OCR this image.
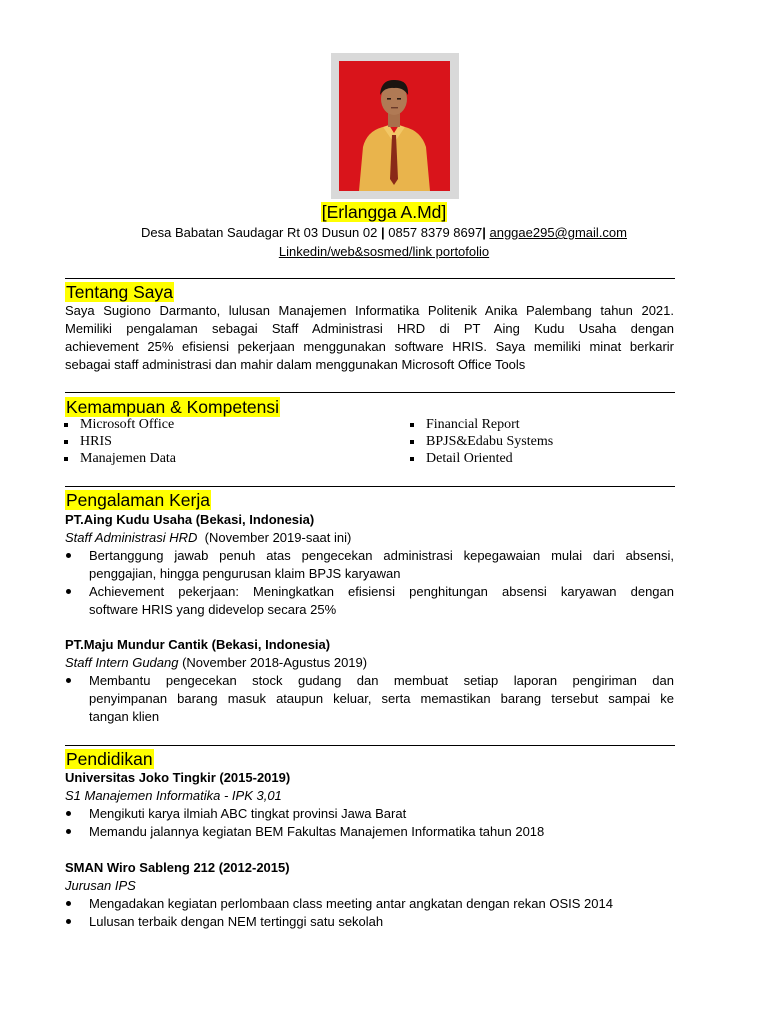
[Erlangga A.Md]
Desa Babatan Saudagar Rt 03 Dusun 02 | 0857 8379 8697| anggae295@gmail.com
Linkedin/web&sosmed/link portofolio
Tentang Saya
Saya Sugiono Darmanto, lulusan Manajemen Informatika Politenik Anika Palembang tahun 2021.
Memiliki pengalaman sebagai Staff Administrasi HRD di PT Aing Kudu Usaha dengan
achievement 25% efisiensi pekerjaan menggunakan software HRIS. Saya memiliki minat berkarir
sebagai staff administrasi dan mahir dalam menggunakan Microsoft Office Tools
Kemampuan & Kompetensi
Microsoft Office
HRIS
Manajemen Data
Financial Report
BPJS&Edabu Systems
Detail Oriented
Pengalaman Kerja
PT.Aing Kudu Usaha (Bekasi, Indonesia)
Staff Administrasi HRD (November 2019-saat ini)
Bertanggung jawab penuh atas pengecekan administrasi kepegawaian mulai dari absensi,
penggajian, hingga pengurusan klaim BPJS karyawan
Achievement pekerjaan: Meningkatkan efisiensi penghitungan absensi karyawan dengan
software HRIS yang didevelop secara 25%
PT.Maju Mundur Cantik (Bekasi, Indonesia)
Staff Intern Gudang (November 2018-Agustus 2019)
Membantu pengecekan stock gudang dan membuat setiap laporan pengiriman dan
penyimpanan barang masuk ataupun keluar, serta memastikan barang tersebut sampai ke
tangan klien
Pendidikan
Universitas Joko Tingkir (2015-2019)
S1 Manajemen Informatika - IPK 3,01
Mengikuti karya ilmiah ABC tingkat provinsi Jawa Barat
Memandu jalannya kegiatan BEM Fakultas Manajemen Informatika tahun 2018
SMAN Wiro Sableng 212 (2012-2015)
Jurusan IPS
Mengadakan kegiatan perlombaan class meeting antar angkatan dengan rekan OSIS 2014
Lulusan terbaik dengan NEM tertinggi satu sekolah
